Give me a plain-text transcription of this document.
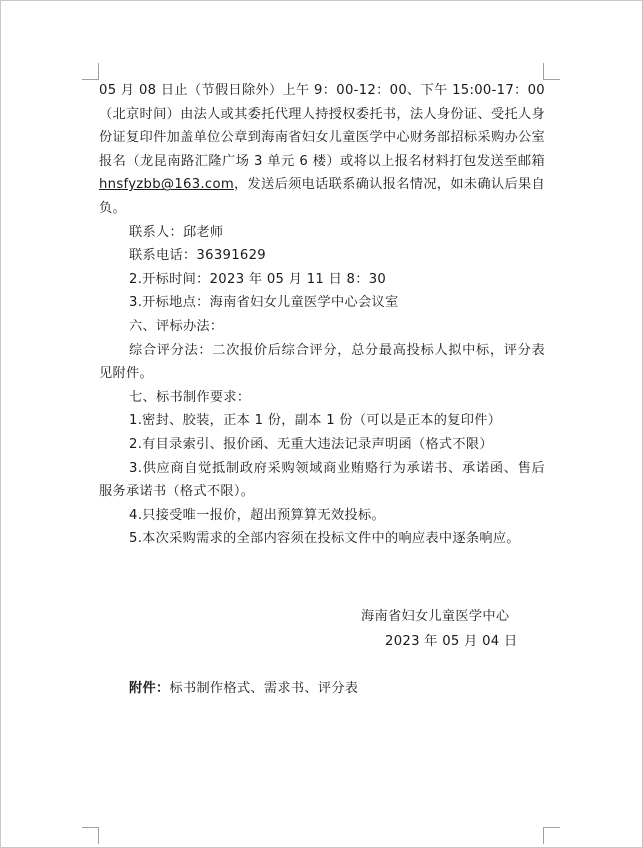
05 月 08 日止（节假日除外）上午 9：00-12：00、下午 15:00-17：00（北京时间）由法人或其委托代理人持授权委托书，法人身份证、受托人身份证复印件加盖单位公章到海南省妇女儿童医学中心财务部招标采购办公室报名（龙昆南路汇隆广场 3 单元 6 楼）或将以上报名材料打包发送至邮箱 hnsfyzbb@163.com，发送后须电话联系确认报名情况，如未确认后果自负。

联系人：邱老师

联系电话：36391629

2.开标时间：2023 年 05 月 11 日 8：30

3.开标地点：海南省妇女儿童医学中心会议室

六、评标办法：

综合评分法：二次报价后综合评分，总分最高投标人拟中标，评分表见附件。

七、标书制作要求：

1.密封、胶装，正本 1 份，副本 1 份（可以是正本的复印件）

2.有目录索引、报价函、无重大违法记录声明函（格式不限）

3.供应商自觉抵制政府采购领域商业贿赂行为承诺书、承诺函、售后服务承诺书（格式不限）。

4.只接受唯一报价，超出预算算无效投标。

5.本次采购需求的全部内容须在投标文件中的响应表中逐条响应。

海南省妇女儿童医学中心
2023 年 05 月 04 日
附件：标书制作格式、需求书、评分表
